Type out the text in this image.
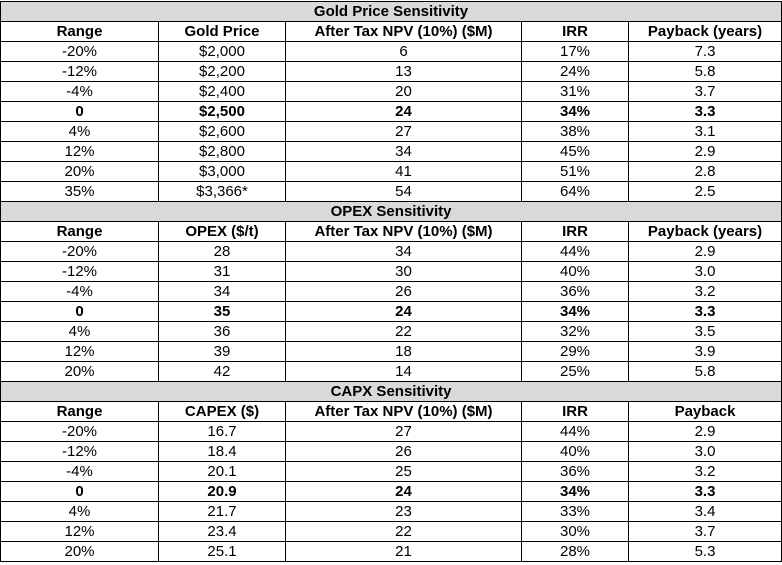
Gold Price Sensitivity				
Range	Gold Price	After Tax NPV (10%) ($M)	IRR	Payback (years)
-20%	$2,000	6	17%	7.3
-12%	$2,200	13	24%	5.8
-4%	$2,400	20	31%	3.7
0	$2,500	24	34%	3.3
4%	$2,600	27	38%	3.1
12%	$2,800	34	45%	2.9
20%	$3,000	41	51%	2.8
35%	$3,366*	54	64%	2.5
OPEX Sensitivity				
Range	OPEX ($/t)	After Tax NPV (10%) ($M)	IRR	Payback (years)
-20%	28	34	44%	2.9
-12%	31	30	40%	3.0
-4%	34	26	36%	3.2
0	35	24	34%	3.3
4%	36	22	32%	3.5
12%	39	18	29%	3.9
20%	42	14	25%	5.8
CAPX Sensitivity				
Range	CAPEX ($)	After Tax NPV (10%) ($M)	IRR	Payback
-20%	16.7	27	44%	2.9
-12%	18.4	26	40%	3.0
-4%	20.1	25	36%	3.2
0	20.9	24	34%	3.3
4%	21.7	23	33%	3.4
12%	23.4	22	30%	3.7
20%	25.1	21	28%	5.3
